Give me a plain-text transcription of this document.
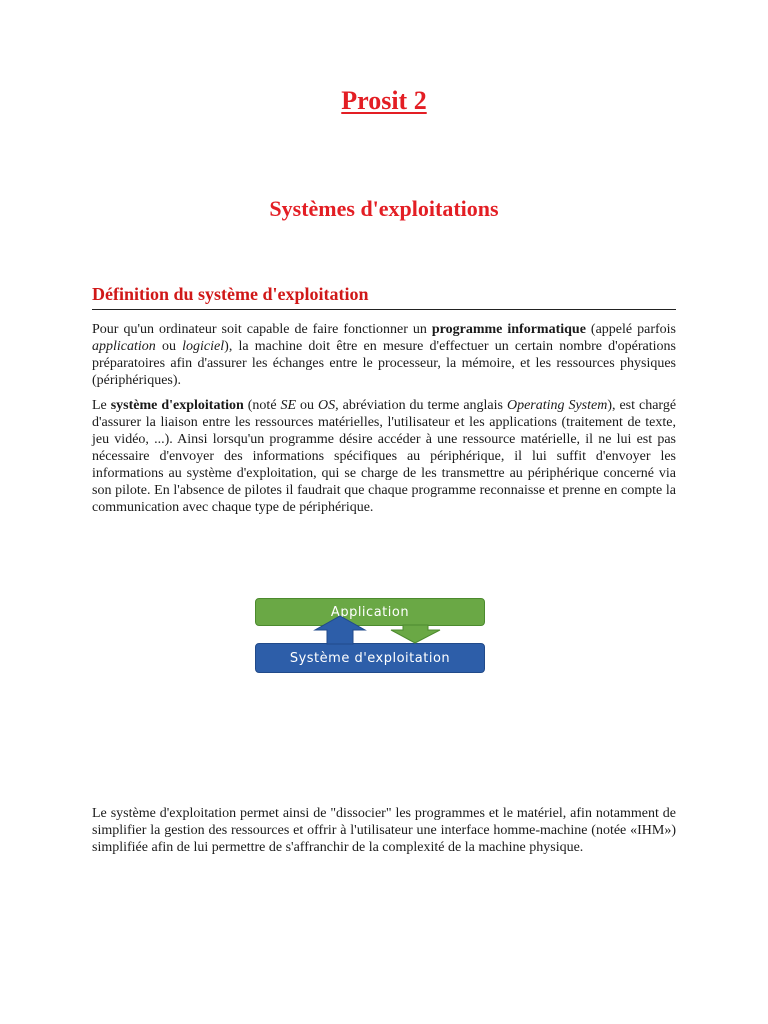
Prosit 2
Systèmes d'exploitations
Définition du système d'exploitation

Pour qu'un ordinateur soit capable de faire fonctionner un programme informatique (appelé parfois application ou logiciel), la machine doit être en mesure d'effectuer un certain nombre d'opérations préparatoires afin d'assurer les échanges entre le processeur, la mémoire, et les ressources physiques (périphériques).

Le système d'exploitation (noté SE ou OS, abréviation du terme anglais Operating System), est chargé d'assurer la liaison entre les ressources matérielles, l'utilisateur et les applications (traitement de texte, jeu vidéo, ...). Ainsi lorsqu'un programme désire accéder à une ressource matérielle, il ne lui est pas nécessaire d'envoyer des informations spécifiques au périphérique, il lui suffit d'envoyer les informations au système d'exploitation, qui se charge de les transmettre au périphérique concerné via son pilote. En l'absence de pilotes il faudrait que chaque programme reconnaisse et prenne en compte la communication avec chaque type de périphérique.

Application
Système d'exploitation

Le système d'exploitation permet ainsi de "dissocier" les programmes et le matériel, afin notamment de simplifier la gestion des ressources et offrir à l'utilisateur une interface homme-machine (notée «IHM») simplifiée afin de lui permettre de s'affranchir de la complexité de la machine physique.
